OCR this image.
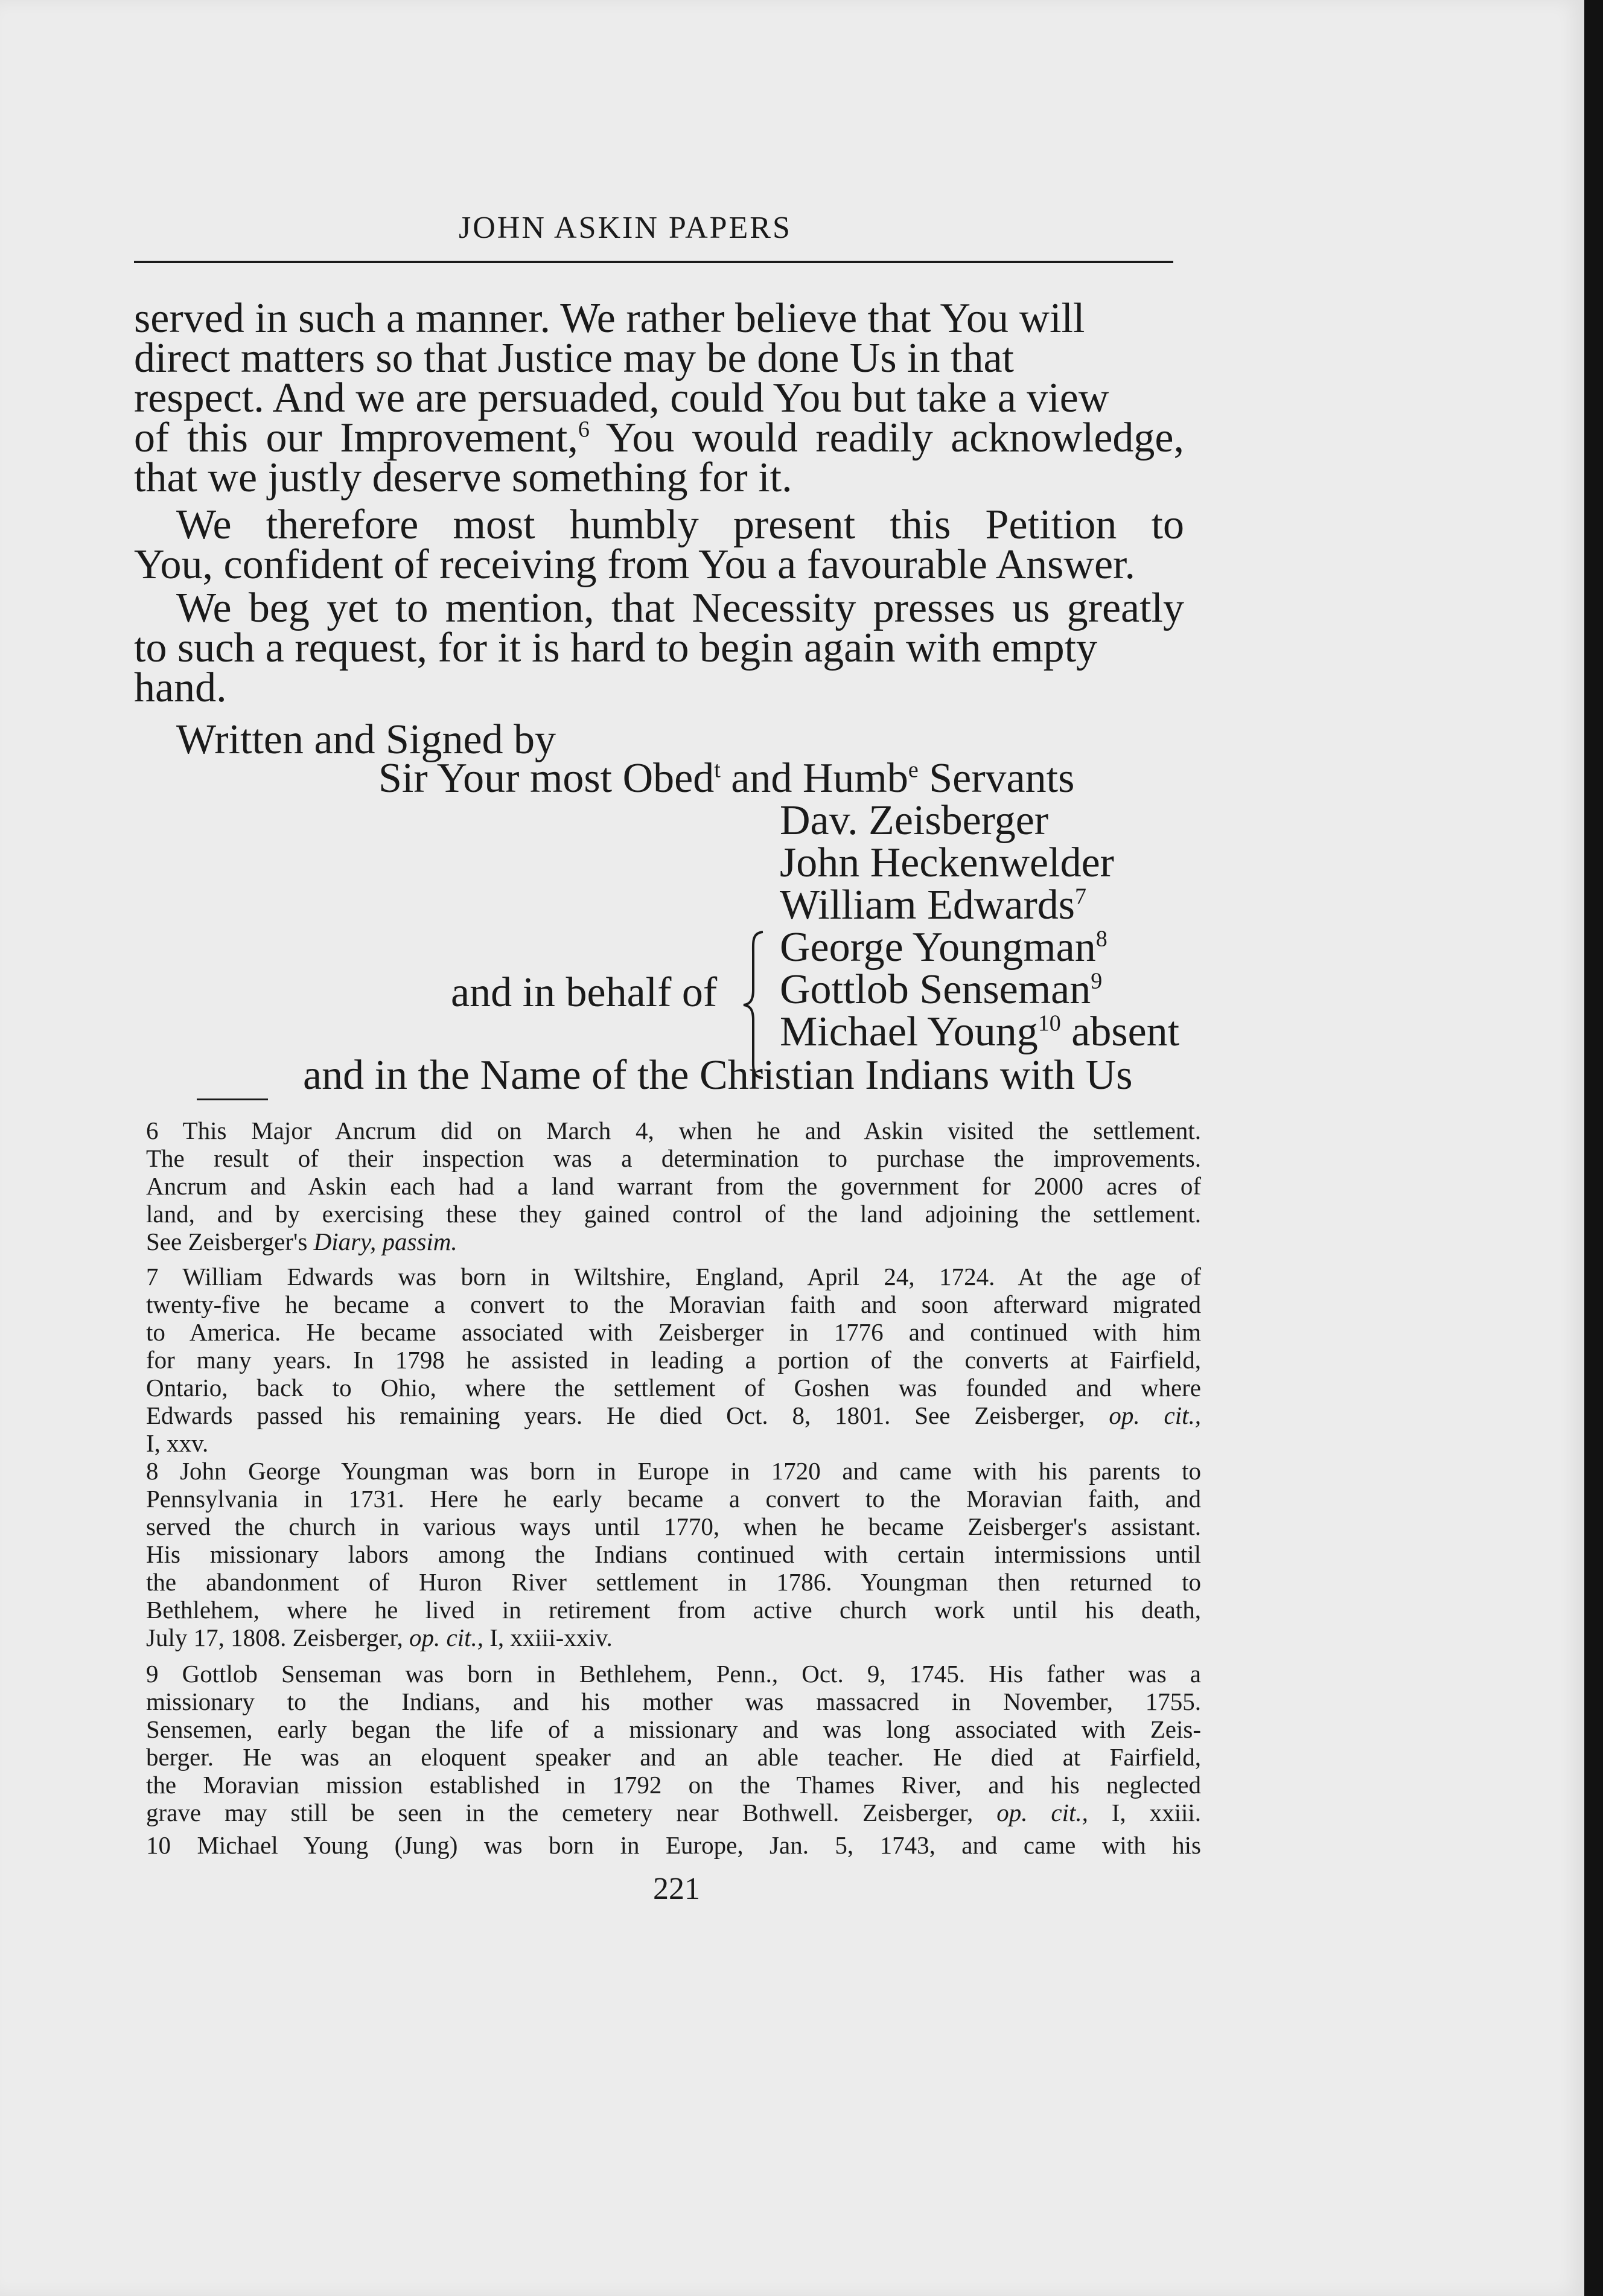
JOHN ASKIN PAPERS
served in such a manner. We rather believe that You will
direct matters so that Justice may be done Us in that
respect. And we are persuaded, could You but take a view
of this our Improvement,$^6$ You would readily acknowledge,
that we justly deserve something for it.
We therefore most humbly present this Petition to
You, confident of receiving from You a favourable Answer.
We beg yet to mention, that Necessity presses us greatly
to such a request, for it is hard to begin again with empty
hand.
Written and Signed by
Sir Your most Obed$^t$ and Humb$^e$ Servants
Dav. Zeisberger
John Heckenwelder
William Edwards$^7$
and in behalf of
George Youngman$^8$
Gottlob Senseman$^9$
Michael Young$^{10}$ absent
and in the Name of the Christian Indians with Us
6 This Major Ancrum did on March 4, when he and Askin visited the settlement.
The result of their inspection was a determination to purchase the improvements.
Ancrum and Askin each had a land warrant from the government for 2000 acres of
land, and by exercising these they gained control of the land adjoining the settlement.
See Zeisberger's Diary, passim.
7 William Edwards was born in Wiltshire, England, April 24, 1724. At the age of
twenty-five he became a convert to the Moravian faith and soon afterward migrated
to America. He became associated with Zeisberger in 1776 and continued with him
for many years. In 1798 he assisted in leading a portion of the converts at Fairfield,
Ontario, back to Ohio, where the settlement of Goshen was founded and where
Edwards passed his remaining years. He died Oct. 8, 1801. See Zeisberger, op. cit.,
I, xxv.
8 John George Youngman was born in Europe in 1720 and came with his parents to
Pennsylvania in 1731. Here he early became a convert to the Moravian faith, and
served the church in various ways until 1770, when he became Zeisberger's assistant.
His missionary labors among the Indians continued with certain intermissions until
the abandonment of Huron River settlement in 1786. Youngman then returned to
Bethlehem, where he lived in retirement from active church work until his death,
July 17, 1808. Zeisberger, op. cit., I, xxiii-xxiv.
9 Gottlob Senseman was born in Bethlehem, Penn., Oct. 9, 1745. His father was a
missionary to the Indians, and his mother was massacred in November, 1755.
Sensemen, early began the life of a missionary and was long associated with Zeis-
berger. He was an eloquent speaker and an able teacher. He died at Fairfield,
the Moravian mission established in 1792 on the Thames River, and his neglected
grave may still be seen in the cemetery near Bothwell. Zeisberger, op. cit., I, xxiii.
10 Michael Young (Jung) was born in Europe, Jan. 5, 1743, and came with his
221
